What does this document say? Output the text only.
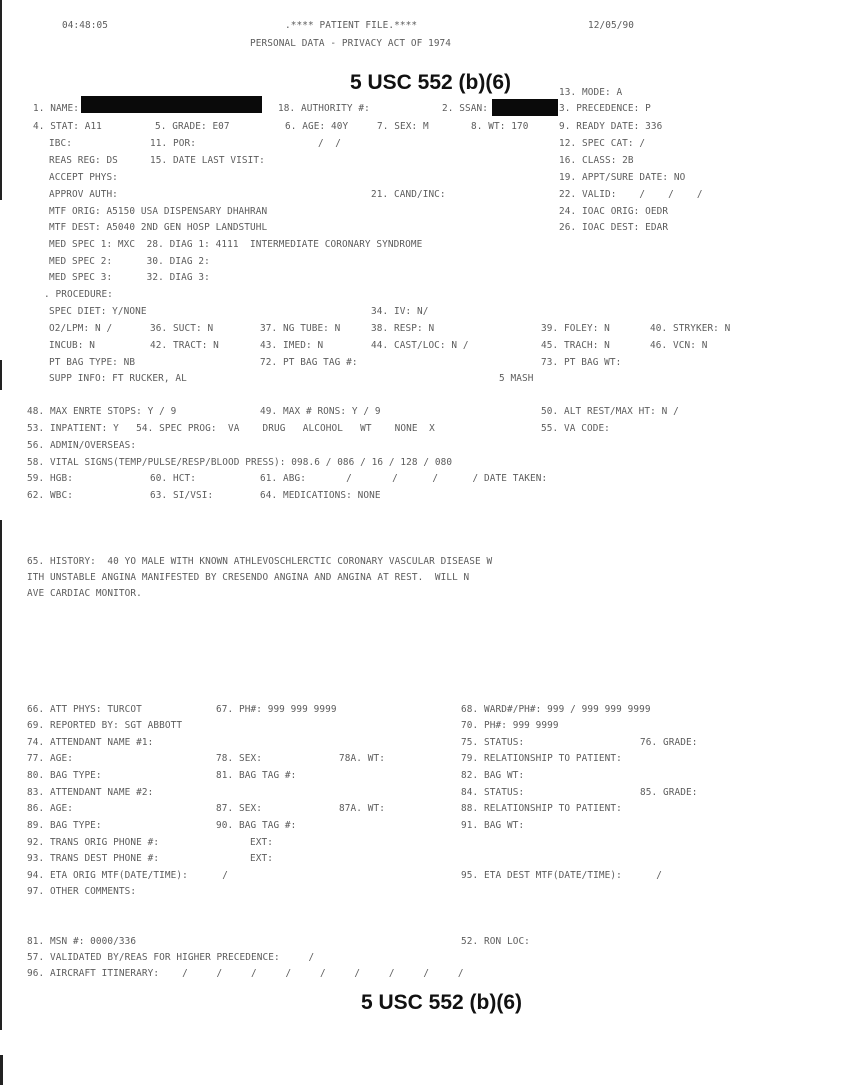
04:48:05	.**** PATIENT FILE.****
PERSONAL DATA - PRIVACY ACT OF 1974
12/05/90
5 USC 552 (b)(6)	13. MODE: A
1. NAME:	18. AUTHORITY #:	2. SSAN:	3. PRECEDENCE: P
4. STAT: A11	5. GRADE: E07	6. AGE: 40Y	7. SEX: M	8. WT: 170	9. READY DATE: 336
IBC:	11. POR:	/  /	12. SPEC CAT: /
REAS REG: DS	15. DATE LAST VISIT:	16. CLASS: 2B
ACCEPT PHYS:	19. APPT/SURE DATE: NO
APPROV AUTH:	21. CAND/INC:	22. VALID:    /    /    /
MTF ORIG: A5150 USA DISPENSARY DHAHRAN	24. IOAC ORIG: OEDR
MTF DEST: A5040 2ND GEN HOSP LANDSTUHL	26. IOAC DEST: EDAR
MED SPEC 1: MXC  28. DIAG 1: 4111  INTERMEDIATE CORONARY SYNDROME
MED SPEC 2:      30. DIAG 2:
MED SPEC 3:      32. DIAG 3:
. PROCEDURE:
SPEC DIET: Y/NONE	34. IV: N/
O2/LPM: N /	36. SUCT: N	37. NG TUBE: N	38. RESP: N	39. FOLEY: N	40. STRYKER: N
INCUB: N	42. TRACT: N	43. IMED: N	44. CAST/LOC: N /	45. TRACH: N	46. VCN: N
PT BAG TYPE: NB	72. PT BAG TAG #:	73. PT BAG WT:
SUPP INFO: FT RUCKER, AL	5 MASH
48. MAX ENRTE STOPS: Y / 9	49. MAX # RONS: Y / 9	50. ALT REST/MAX HT: N /
53. INPATIENT: Y   54. SPEC PROG:  VA    DRUG   ALCOHOL   WT    NONE  X	55. VA CODE:
56. ADMIN/OVERSEAS:
58. VITAL SIGNS(TEMP/PULSE/RESP/BLOOD PRESS): 098.6 / 086 / 16 / 128 / 080
59. HGB:	60. HCT:	61. ABG:       /       /      /      / DATE TAKEN:
62. WBC:	63. SI/VSI:	64. MEDICATIONS: NONE
65. HISTORY:  40 YO MALE WITH KNOWN ATHLEVOSCHLERCTIC CORONARY VASCULAR DISEASE W
ITH UNSTABLE ANGINA MANIFESTED BY CRESENDO ANGINA AND ANGINA AT REST.  WILL N
AVE CARDIAC MONITOR.
66. ATT PHYS: TURCOT	67. PH#: 999 999 9999	68. WARD#/PH#: 999 / 999 999 9999
69. REPORTED BY: SGT ABBOTT	70. PH#: 999 9999
74. ATTENDANT NAME #1:	75. STATUS:	76. GRADE:
77. AGE:	78. SEX:	78A. WT:	79. RELATIONSHIP TO PATIENT:
80. BAG TYPE:	81. BAG TAG #:	82. BAG WT:
83. ATTENDANT NAME #2:	84. STATUS:	85. GRADE:
86. AGE:	87. SEX:	87A. WT:	88. RELATIONSHIP TO PATIENT:
89. BAG TYPE:	90. BAG TAG #:	91. BAG WT:
92. TRANS ORIG PHONE #:	EXT:
93. TRANS DEST PHONE #:	EXT:
94. ETA ORIG MTF(DATE/TIME):      /	95. ETA DEST MTF(DATE/TIME):      /
97. OTHER COMMENTS:
81. MSN #: 0000/336	52. RON LOC:
57. VALIDATED BY/REAS FOR HIGHER PRECEDENCE:     /
96. AIRCRAFT ITINERARY:    /     /     /     /     /     /     /     /     /
5 USC 552 (b)(6)
